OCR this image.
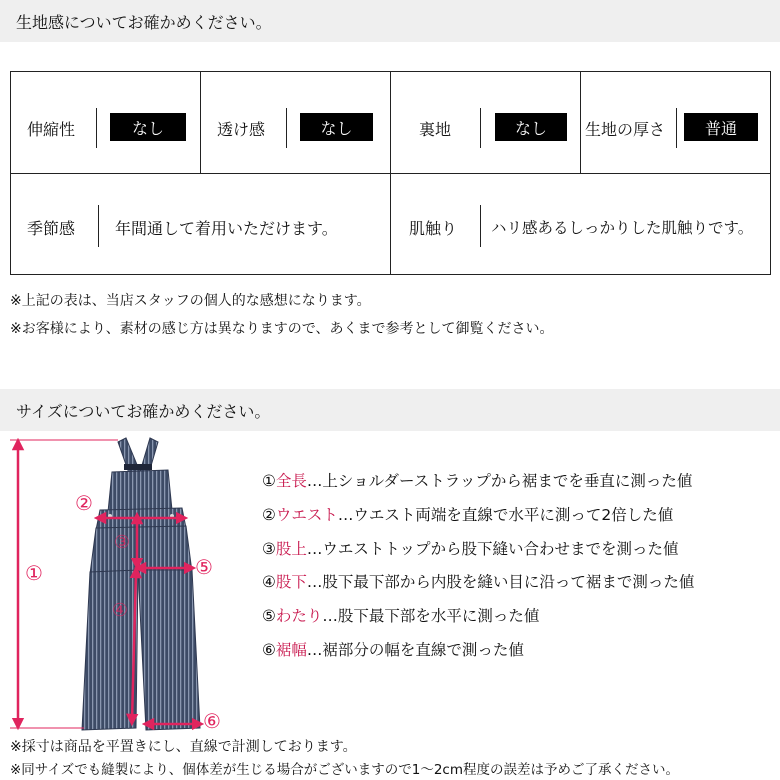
生地感についてお確かめください。
伸縮性	なし	透け感	なし	裏地	なし	生地の厚さ	普通
季節感 年間通して着用いただけます。	肌触り ハリ感あるしっかりした肌触りです。
※上記の表は、当店スタッフの個人的な感想になります。
※お客様により、素材の感じ方は異なりますので、あくまで参考として御覧ください。
サイズについてお確かめください。
①
②
③
④
⑤
⑥
①全長…上ショルダーストラップから裾までを垂直に測った値
②ウエスト…ウエスト両端を直線で水平に測って2倍した値
③股上…ウエストトップから股下縫い合わせまでを測った値
④股下…股下最下部から内股を縫い目に沿って裾まで測った値
⑤わたり…股下最下部を水平に測った値
⑥裾幅…裾部分の幅を直線で測った値
※採寸は商品を平置きにし、直線で計測しております。
※同サイズでも縫製により、個体差が生じる場合がございますので1～2cm程度の誤差は予めご了承ください。
